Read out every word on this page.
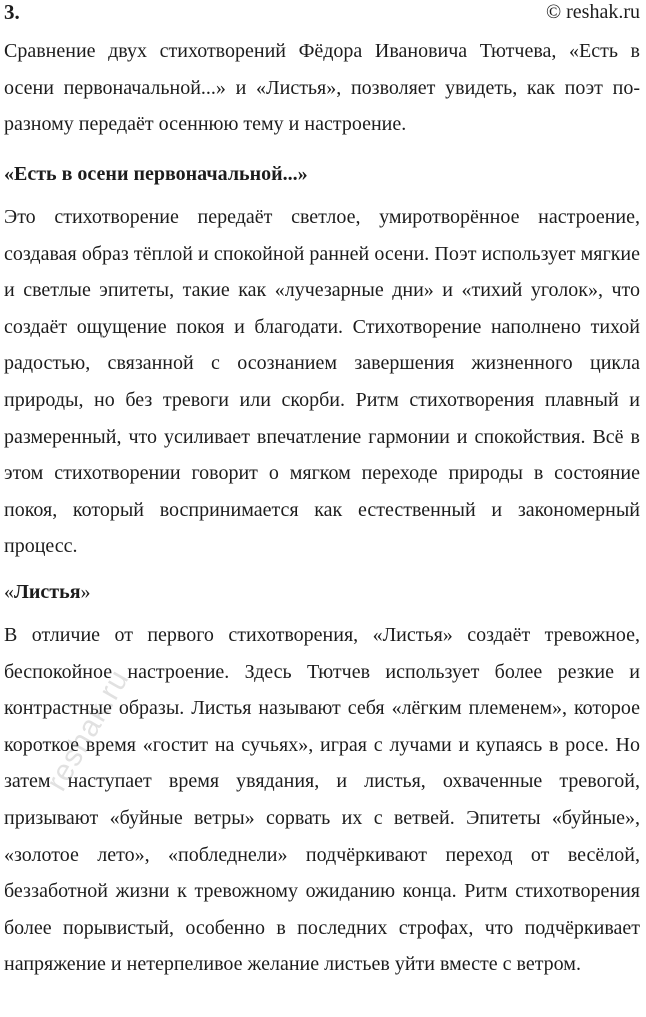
3.	© reshak.ru

Сравнение двух стихотворений Фёдора Ивановича Тютчева, «Есть в осени первоначальной...» и «Листья», позволяет увидеть, как поэт по-разному передаёт осеннюю тему и настроение.

«Есть в осени первоначальной...»

Это стихотворение передаёт светлое, умиротворённое настроение, создавая образ тёплой и спокойной ранней осени. Поэт использует мягкие и светлые эпитеты, такие как «лучезарные дни» и «тихий уголок», что создаёт ощущение покоя и благодати. Стихотворение наполнено тихой радостью, связанной с осознанием завершения жизненного цикла природы, но без тревоги или скорби. Ритм стихотворения плавный и размеренный, что усиливает впечатление гармонии и спокойствия. Всё в этом стихотворении говорит о мягком переходе природы в состояние покоя, который воспринимается как естественный и закономерный процесс.

«Листья»

В отличие от первого стихотворения, «Листья» создаёт тревожное, беспокойное настроение. Здесь Тютчев использует более резкие и контрастные образы. Листья называют себя «лёгким племенем», которое короткое время «гостит на сучьях», играя с лучами и купаясь в росе. Но затем наступает время увядания, и листья, охваченные тревогой, призывают «буйные ветры» сорвать их с ветвей. Эпитеты «буйные», «золотое лето», «побледнели» подчёркивают переход от весёлой, беззаботной жизни к тревожному ожиданию конца. Ритм стихотворения более порывистый, особенно в последних строфах, что подчёркивает напряжение и нетерпеливое желание листьев уйти вместе с ветром.

reshak.ru
